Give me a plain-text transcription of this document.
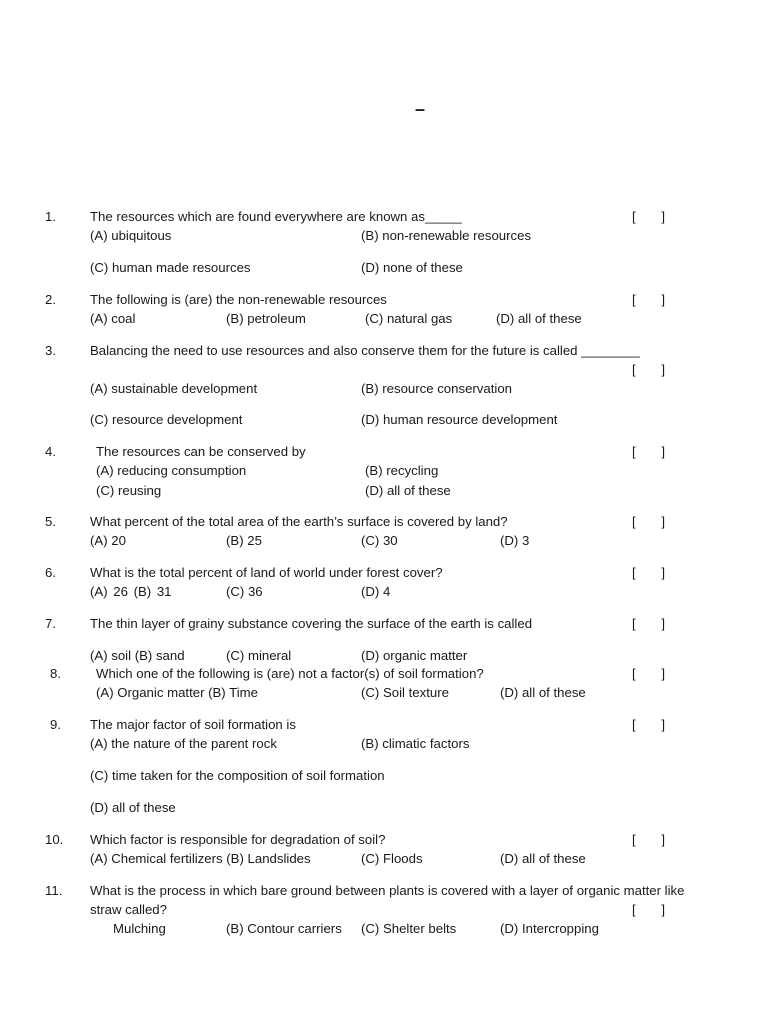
–
1.	The resources which are found everywhere are known as_____	[ ]
(A) ubiquitous	(B) non-renewable resources
(C) human made resources	(D) none of these
2.	The following is (are) the non-renewable resources	[ ]
(A) coal	(B) petroleum	(C) natural gas	(D) all of these
3.	Balancing the need to use resources and also conserve them for the future is called ________
[ ]
(A) sustainable development	(B) resource conservation
(C) resource development	(D) human resource development
4.	The resources can be conserved by	[ ]
(A) reducing consumption	(B) recycling
(C) reusing	(D) all of these
5.	What percent of the total area of the earth’s surface is covered by land?	[ ]
(A) 20	(B) 25	(C) 30	(D) 3
6.	What is the total percent of land of world under forest cover?	[ ]
(A) 26 (B) 31	(C) 36	(D) 4
7.	The thin layer of grainy substance covering the surface of the earth is called	[ ]
(A) soil (B) sand	(C) mineral	(D) organic matter
8.	Which one of the following is (are) not a factor(s) of soil formation?	[ ]
(A) Organic matter (B) Time	(C) Soil texture	(D) all of these
9. The major factor of soil formation is	[ ]
(A) the nature of the parent rock	(B) climatic factors
(C) time taken for the composition of soil formation
(D) all of these
10. Which factor is responsible for degradation of soil?	[ ]
(A) Chemical fertilizers (B) Landslides	(C) Floods	(D) all of these
11. What is the process in which bare ground between plants is covered with a layer of organic matter like
straw called?	[ ]
Mulching	(B) Contour carriers (C) Shelter belts	(D) Intercropping
